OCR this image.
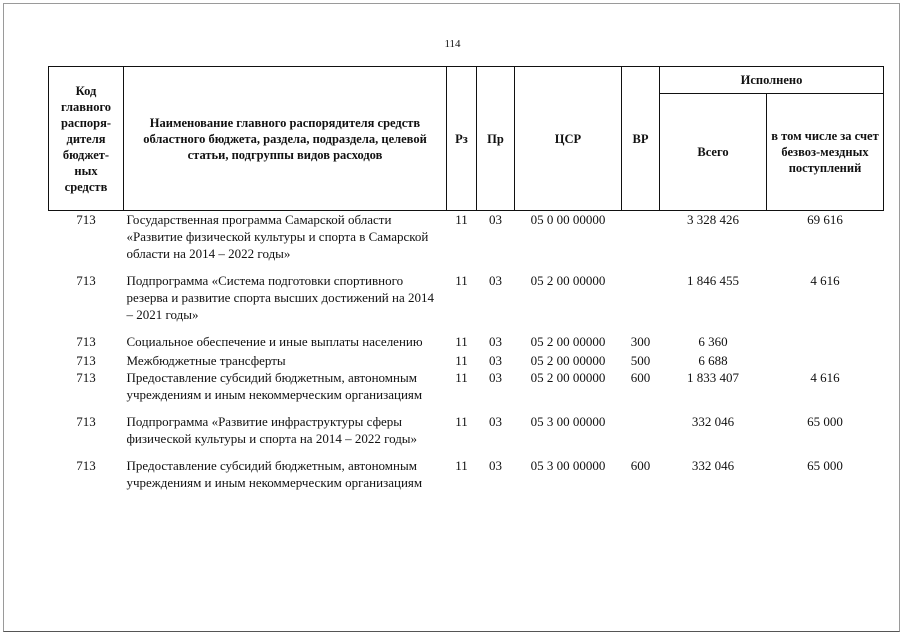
114
Код главного распоря-дителя бюджет-ных средств	Наименование главного распорядителя средств областного бюджета, раздела, подраздела, целевой статьи, подгруппы видов расходов	Рз	Пр	ЦСР	ВР	Исполнено	
						Всего	в том числе за счет безвоз-мездных поступлений
713	Государственная программа Самарской области «Развитие физической культуры и спорта в Самарской области на 2014 – 2022 годы»	11	03	05 0 00 00000		3 328 426	69 616

713	Подпрограмма «Система подготовки спортивного резерва и развитие спорта высших достижений на 2014 – 2021 годы»	11	03	05 2 00 00000		1 846 455	4 616

713	Социальное обеспечение и иные выплаты населению	11	03	05 2 00 00000	300	6 360	

713	Межбюджетные трансферты	11	03	05 2 00 00000	500	6 688	
713	Предоставление субсидий бюджетным, автономным учреждениям и иным некоммерческим организациям	11	03	05 2 00 00000	600	1 833 407	4 616

713	Подпрограмма «Развитие инфраструктуры сферы физической культуры и спорта на 2014 – 2022 годы»	11	03	05 3 00 00000		332 046	65 000

713	Предоставление субсидий бюджетным, автономным учреждениям и иным некоммерческим организациям	11	03	05 3 00 00000	600	332 046	65 000
